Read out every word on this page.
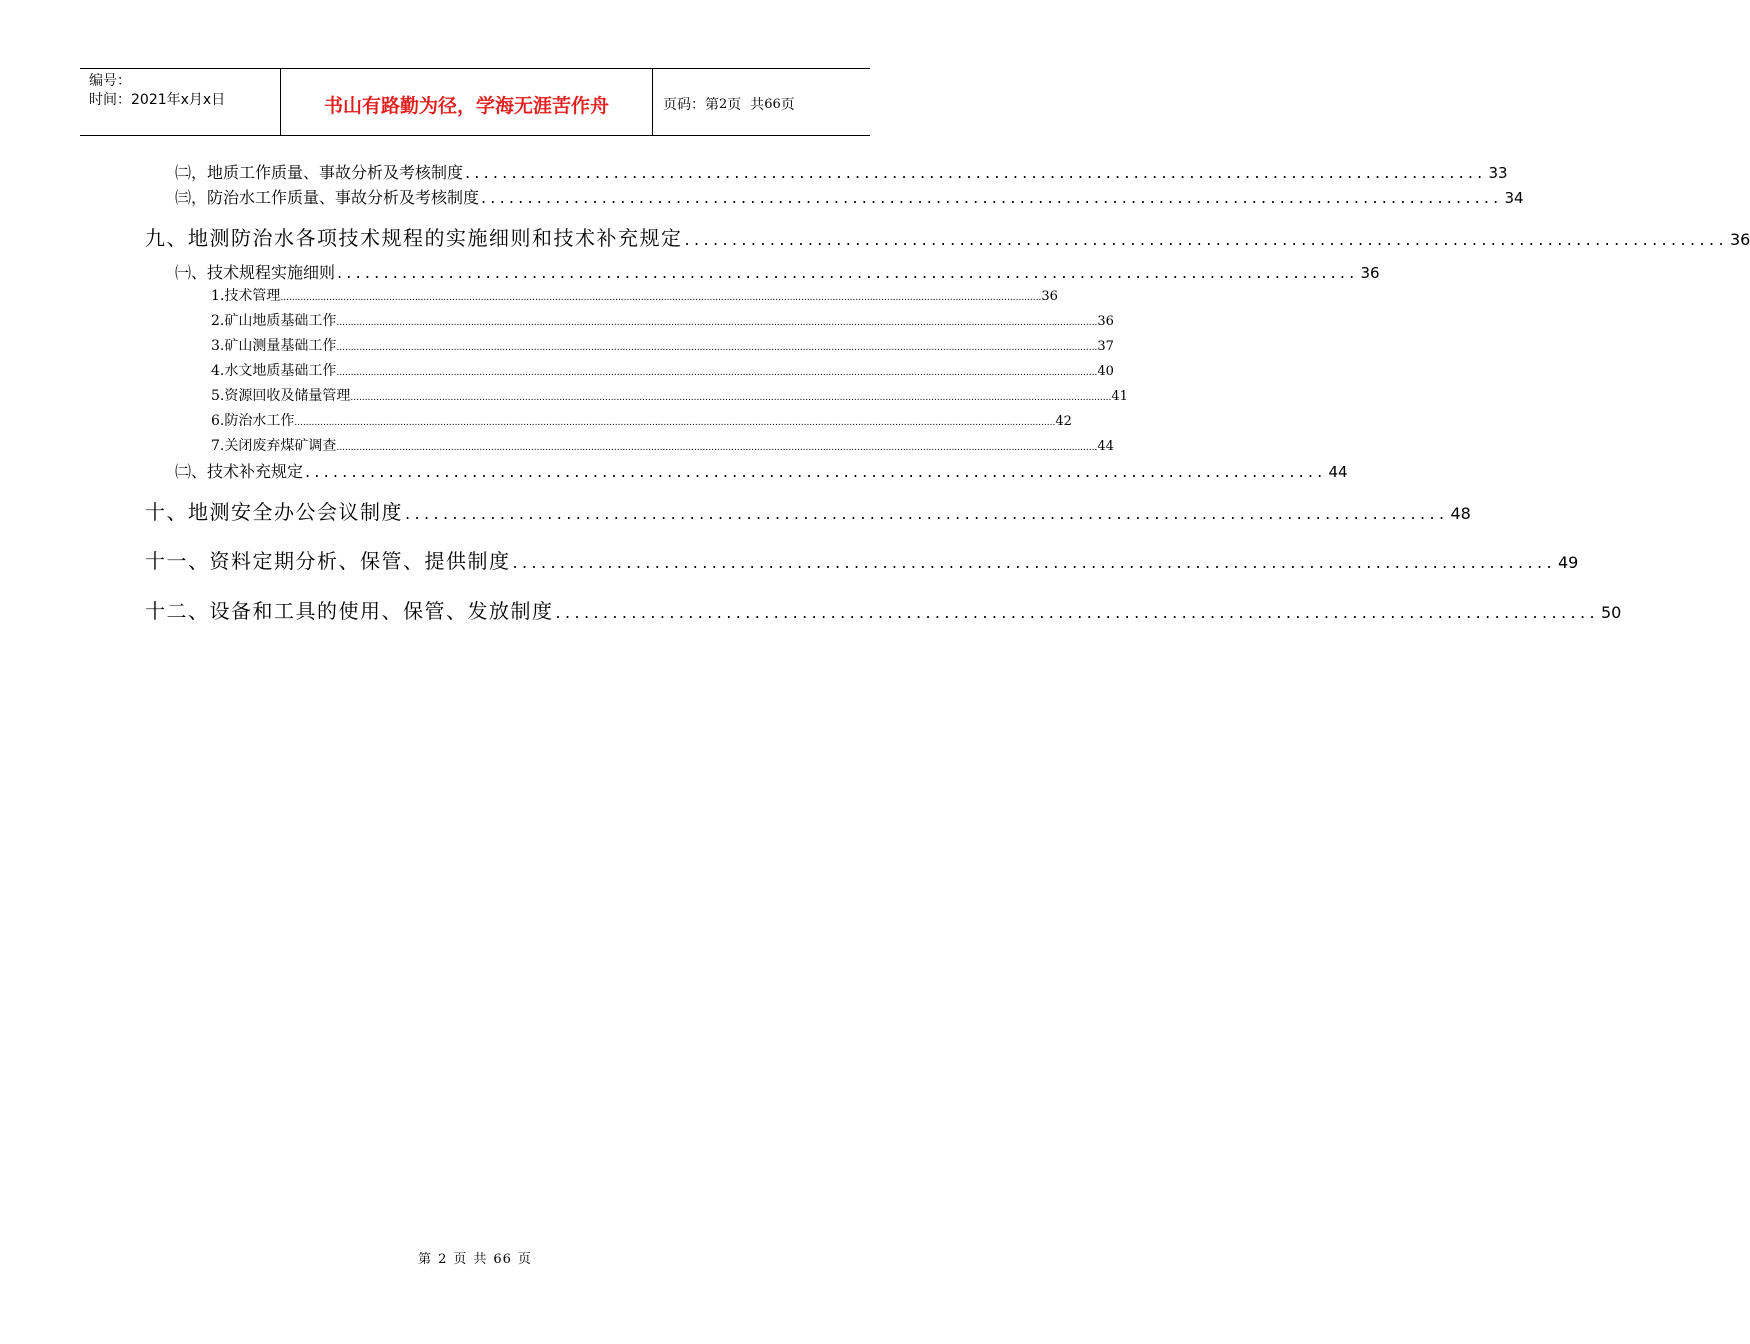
编号：
时间：2021年x月x日	书山有路勤为径，学海无涯苦作舟	页码：第 2 页  共 66 页
㈡，地质工作质量、事故分析及考核制度 .............................................................................................................. 33
㈢，防治水工作质量、事故分析及考核制度 .............................................................................................................. 34
九、地测防治水各项技术规程的实施细则和技术补充规定 .............................................................................................................. 36
㈠、技术规程实施细则 .............................................................................................................. 36
1.技术管理 .......................................................................................................................................................................................................................................................................... 36
2.矿山地质基础工作 .......................................................................................................................................................................................................................................................................... 36
3.矿山测量基础工作 .......................................................................................................................................................................................................................................................................... 37
4.水文地质基础工作 .......................................................................................................................................................................................................................................................................... 40
5.资源回收及储量管理 .......................................................................................................................................................................................................................................................................... 41
6.防治水工作 .......................................................................................................................................................................................................................................................................... 42
7.关闭废弃煤矿调查 .......................................................................................................................................................................................................................................................................... 44
㈡、技术补充规定 .............................................................................................................. 44
十、地测安全办公会议制度 .............................................................................................................. 48
十一、资料定期分析、保管、提供制度 .............................................................................................................. 49
十二、设备和工具的使用、保管、发放制度 .............................................................................................................. 50
第 2 页 共 66 页
